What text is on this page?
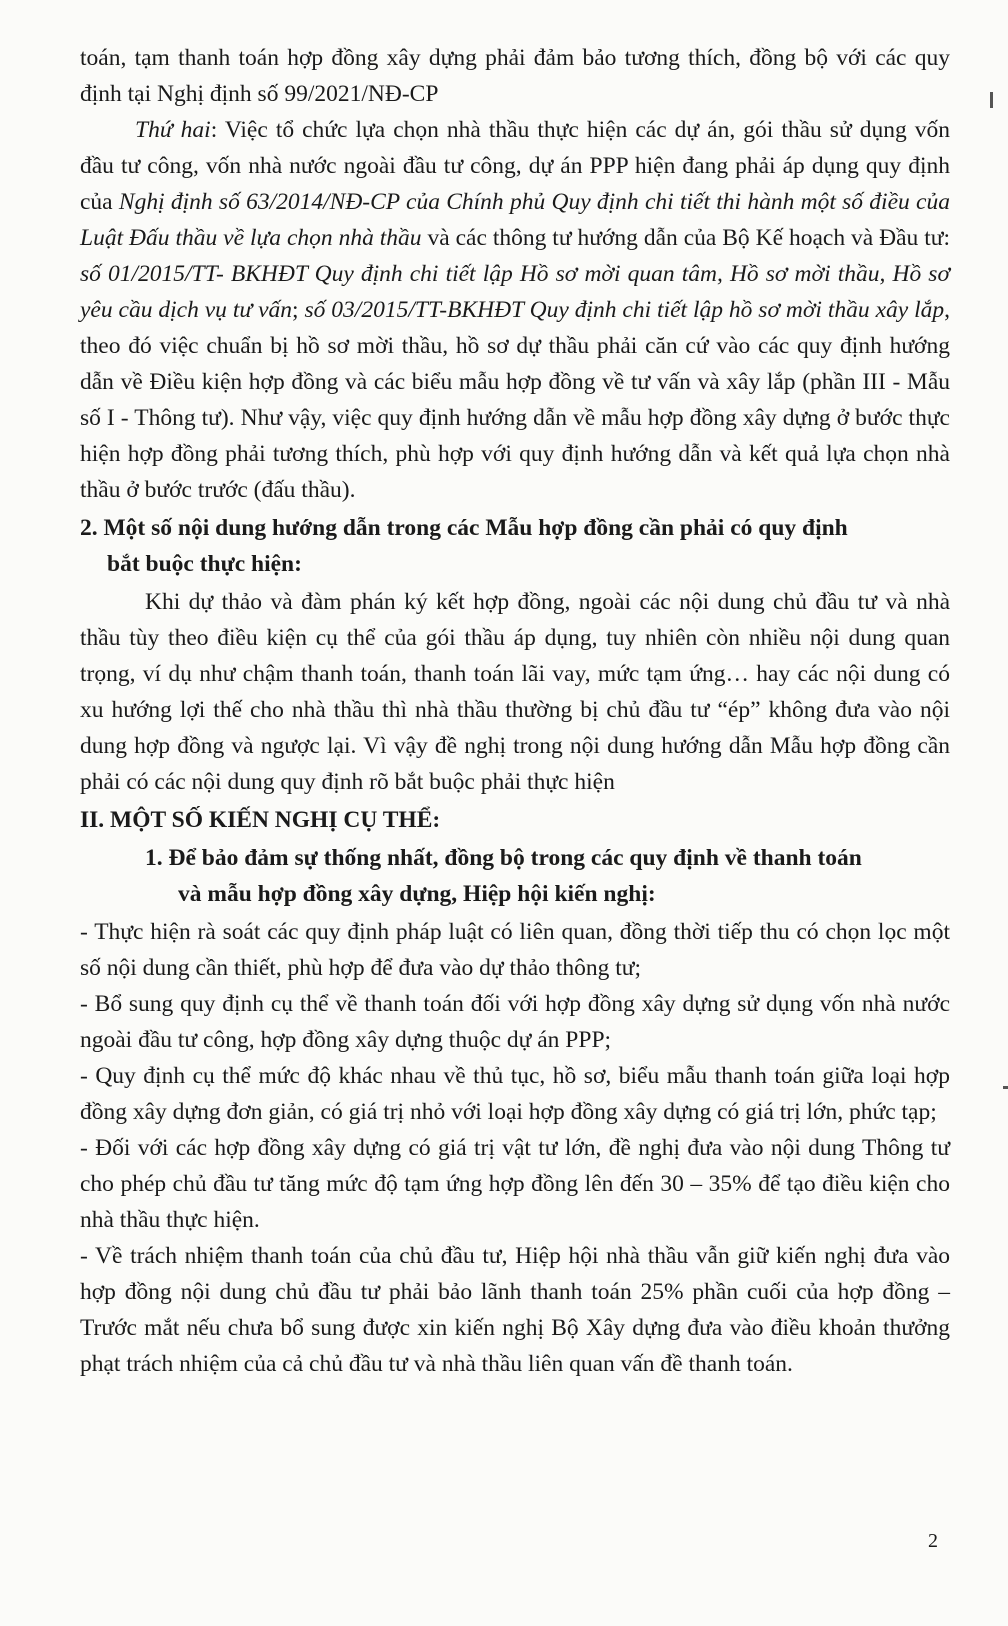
toán, tạm thanh toán hợp đồng xây dựng phải đảm bảo tương thích, đồng bộ với các quy định tại Nghị định số 99/2021/NĐ-CP

Thứ hai: Việc tổ chức lựa chọn nhà thầu thực hiện các dự án, gói thầu sử dụng vốn đầu tư công, vốn nhà nước ngoài đầu tư công, dự án PPP hiện đang phải áp dụng quy định của Nghị định số 63/2014/NĐ-CP của Chính phủ Quy định chi tiết thi hành một số điều của Luật Đấu thầu về lựa chọn nhà thầu và các thông tư hướng dẫn của Bộ Kế hoạch và Đầu tư: số 01/2015/TT- BKHĐT Quy định chi tiết lập Hồ sơ mời quan tâm, Hồ sơ mời thầu, Hồ sơ yêu cầu dịch vụ tư vấn; số 03/2015/TT-BKHĐT Quy định chi tiết lập hồ sơ mời thầu xây lắp, theo đó việc chuẩn bị hồ sơ mời thầu, hồ sơ dự thầu phải căn cứ vào các quy định hướng dẫn về Điều kiện hợp đồng và các biểu mẫu hợp đồng về tư vấn và xây lắp (phần III - Mẫu số I - Thông tư). Như vậy, việc quy định hướng dẫn về mẫu hợp đồng xây dựng ở bước thực hiện hợp đồng phải tương thích, phù hợp với quy định hướng dẫn và kết quả lựa chọn nhà thầu ở bước trước (đấu thầu).

2. Một số nội dung hướng dẫn trong các Mẫu hợp đồng cần phải có quy định
bắt buộc thực hiện:

Khi dự thảo và đàm phán ký kết hợp đồng, ngoài các nội dung chủ đầu tư và nhà thầu tùy theo điều kiện cụ thể của gói thầu áp dụng, tuy nhiên còn nhiều nội dung quan trọng, ví dụ như chậm thanh toán, thanh toán lãi vay, mức tạm ứng… hay các nội dung có xu hướng lợi thế cho nhà thầu thì nhà thầu thường bị chủ đầu tư “ép” không đưa vào nội dung hợp đồng và ngược lại. Vì vậy đề nghị trong nội dung hướng dẫn Mẫu hợp đồng cần phải có các nội dung quy định rõ bắt buộc phải thực hiện

II. MỘT SỐ KIẾN NGHỊ CỤ THỂ:
1. Để bảo đảm sự thống nhất, đồng bộ trong các quy định về thanh toán
và mẫu hợp đồng xây dựng, Hiệp hội kiến nghị:

- Thực hiện rà soát các quy định pháp luật có liên quan, đồng thời tiếp thu có chọn lọc một số nội dung cần thiết, phù hợp để đưa vào dự thảo thông tư;

- Bổ sung quy định cụ thể về thanh toán đối với hợp đồng xây dựng sử dụng vốn nhà nước ngoài đầu tư công, hợp đồng xây dựng thuộc dự án PPP;

- Quy định cụ thể mức độ khác nhau về thủ tục, hồ sơ, biểu mẫu thanh toán giữa loại hợp đồng xây dựng đơn giản, có giá trị nhỏ với loại hợp đồng xây dựng có giá trị lớn, phức tạp;

- Đối với các hợp đồng xây dựng có giá trị vật tư lớn, đề nghị đưa vào nội dung Thông tư cho phép chủ đầu tư tăng mức độ tạm ứng hợp đồng lên đến 30 – 35% để tạo điều kiện cho nhà thầu thực hiện.

- Về trách nhiệm thanh toán của chủ đầu tư, Hiệp hội nhà thầu vẫn giữ kiến nghị đưa vào hợp đồng nội dung chủ đầu tư phải bảo lãnh thanh toán 25% phần cuối của hợp đồng – Trước mắt nếu chưa bổ sung được xin kiến nghị Bộ Xây dựng đưa vào điều khoản thưởng phạt trách nhiệm của cả chủ đầu tư và nhà thầu liên quan vấn đề thanh toán.

2
